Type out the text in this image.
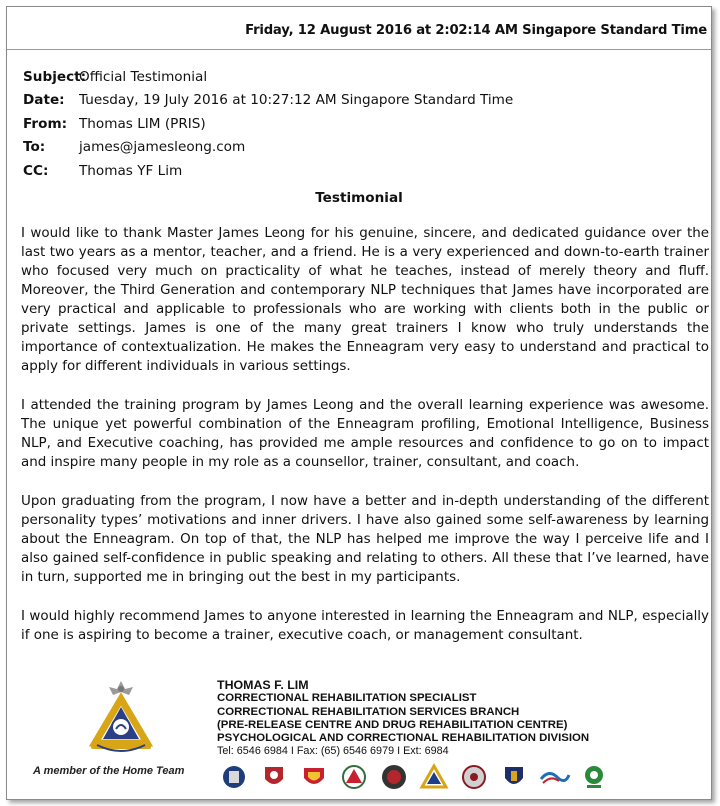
Friday, 12 August 2016 at 2:02:14 AM Singapore Standard Time
Subject:
Official Testimonial
Date:	Tuesday, 19 July 2016 at 10:27:12 AM Singapore Standard Time
From: Thomas LIM (PRIS)
To:	james@jamesleong.com
CC:	Thomas YF Lim
Testimonial

I would like to thank Master James Leong for his genuine, sincere, and dedicated guidance over the last two years as a mentor, teacher, and a friend. He is a very experienced and down-to-earth trainer who focused very much on practicality of what he teaches, instead of merely theory and fluff. Moreover, the Third Generation and contemporary NLP techniques that James have incorporated are very practical and applicable to professionals who are working with clients both in the public or private settings. James is one of the many great trainers I know who truly understands the importance of contextualization. He makes the Enneagram very easy to understand and practical to apply for different individuals in various settings.

I attended the training program by James Leong and the overall learning experience was awesome. The unique yet powerful combination of the Enneagram profiling, Emotional Intelligence, Business NLP, and Executive coaching, has provided me ample resources and confidence to go on to impact and inspire many people in my role as a counsellor, trainer, consultant, and coach.

Upon graduating from the program, I now have a better and in-depth understanding of the different personality types’ motivations and inner drivers. I have also gained some self-awareness by learning about the Enneagram. On top of that, the NLP has helped me improve the way I perceive life and I also gained self-confidence in public speaking and relating to others. All these that I’ve learned, have in turn, supported me in bringing out the best in my participants.

I would highly recommend James to anyone interested in learning the Enneagram and NLP, especially if one is aspiring to become a trainer, executive coach, or management consultant.

A member of the Home Team
THOMAS F. LIM
CORRECTIONAL REHABILITATION SPECIALIST
CORRECTIONAL REHABILITATION SERVICES BRANCH
(PRE-RELEASE CENTRE AND DRUG REHABILITATION CENTRE)
PSYCHOLOGICAL AND CORRECTIONAL REHABILITATION DIVISION
Tel: 6546 6984 I Fax: (65) 6546 6979 I Ext: 6984
